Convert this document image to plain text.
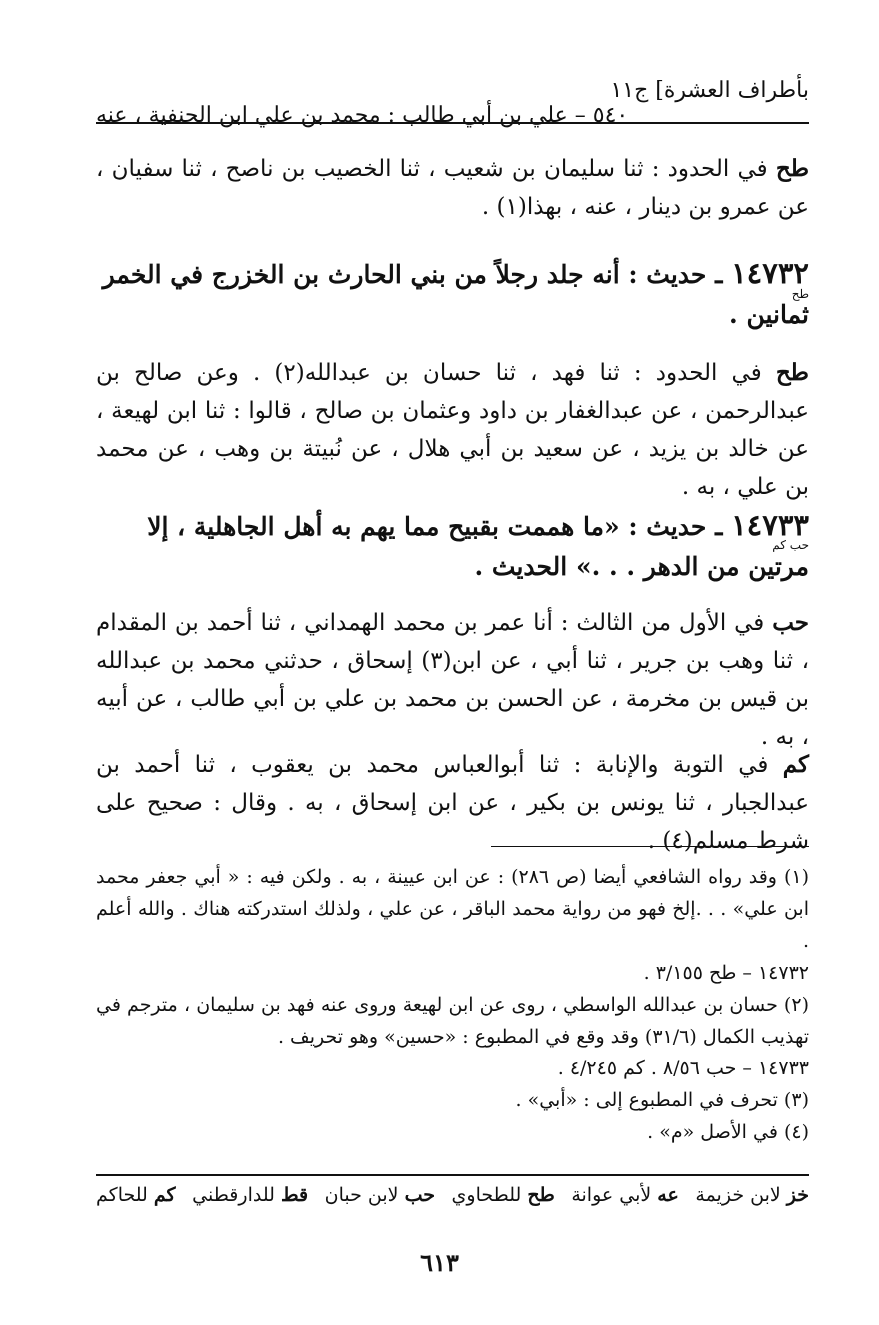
بأطراف العشرة] ج١١
٥٤٠ – علي بن أبي طالب : محمد بن علي ابن الحنفية ، عنه
طح في الحدود : ثنا سليمان بن شعيب ، ثنا الخصيب بن ناصح ، ثنا سفيان ، عن عمرو بن دينار ، عنه ، بهذا(١) .
١٤٧٣٢ ـ حديث : أنه جلد رجلاً من بني الحارث بن الخزرج في الخمر ثمانين .
طح
طح في الحدود : ثنا فهد ، ثنا حسان بن عبدالله(٢) . وعن صالح بن عبدالرحمن ، عن عبدالغفار بن داود وعثمان بن صالح ، قالوا : ثنا ابن لهيعة ، عن خالد بن يزيد ، عن سعيد بن أبي هلال ، عن نُبيتة بن وهب ، عن محمد بن علي ، به .
١٤٧٣٣ ـ حديث : «ما هممت بقبيح مما يهم به أهل الجاهلية ، إلا مرتين من الدهر . . .» الحديث .
حب كم
حب في الأول من الثالث : أنا عمر بن محمد الهمداني ، ثنا أحمد بن المقدام ، ثنا وهب بن جرير ، ثنا أبي ، عن ابن(٣) إسحاق ، حدثني محمد بن عبدالله بن قيس بن مخرمة ، عن الحسن بن محمد بن علي بن أبي طالب ، عن أبيه ، به .
كم في التوبة والإنابة : ثنا أبوالعباس محمد بن يعقوب ، ثنا أحمد بن عبدالجبار ، ثنا يونس بن بكير ، عن ابن إسحاق ، به . وقال : صحيح على شرط مسلم(٤) .
(١) وقد رواه الشافعي أيضا (ص ٢٨٦) : عن ابن عيينة ، به . ولكن فيه : « أبي جعفر محمد ابن علي» . . .إلخ فهو من رواية محمد الباقر ، عن علي ، ولذلك استدركته هناك . والله أعلم .
١٤٧٣٢ – طح ٣/١٥٥ .
(٢) حسان بن عبدالله الواسطي ، روى عن ابن لهيعة وروى عنه فهد بن سليمان ، مترجم في تهذيب الكمال (٣١/٦) وقد وقع في المطبوع : «حسين» وهو تحريف .
١٤٧٣٣ – حب ٨/٥٦ . كم ٤/٢٤٥ .
(٣) تحرف في المطبوع إلى : «أبي» .
(٤) في الأصل «م» .
خز لابن خزيمة
عه لأبي عوانة
طح للطحاوي
حب لابن حبان
قط للدارقطني
كم للحاكم
٦١٣
